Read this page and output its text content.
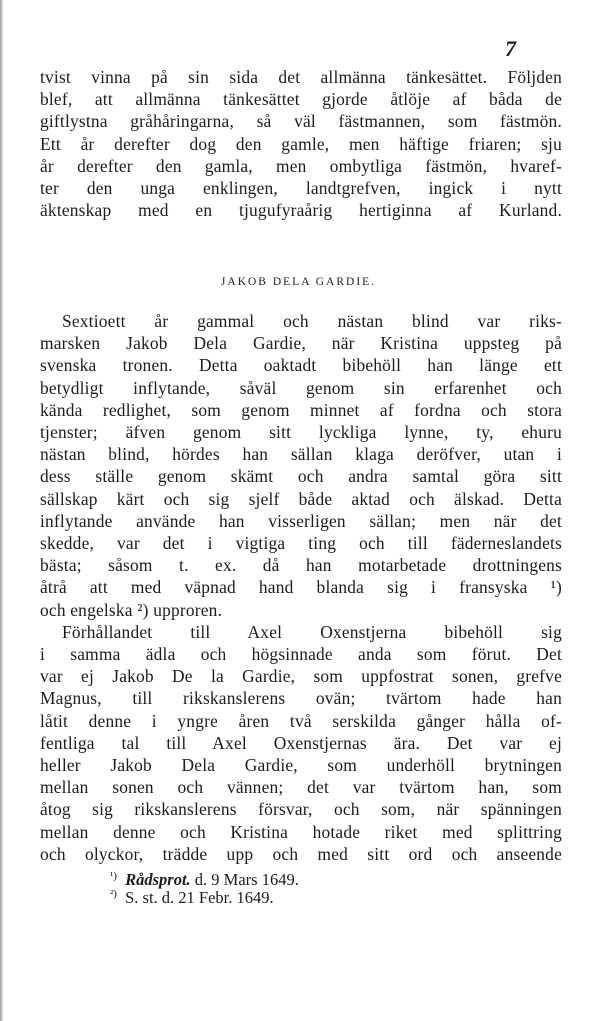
7
tvist vinna på sin sida det allmänna tänkesättet. Följden
blef, att allmänna tänkesättet gjorde åtlöje af båda de
giftlystna gråhåringarna, så väl fästmannen, som fästmön.
Ett år derefter dog den gamle, men häftige friaren; sju
år derefter den gamla, men ombytliga fästmön, hvaref-
ter den unga enklingen, landtgrefven, ingick i nytt
äktenskap med en tjugufyraårig hertiginna af Kurland.
JAKOB DELA GARDIE.
Sextioett år gammal och nästan blind var riks-
marsken Jakob Dela Gardie, när Kristina uppsteg på
svenska tronen. Detta oaktadt bibehöll han länge ett
betydligt inflytande, såväl genom sin erfarenhet och
kända redlighet, som genom minnet af fordna och stora
tjenster; äfven genom sitt lyckliga lynne, ty, ehuru
nästan blind, hördes han sällan klaga deröfver, utan i
dess ställe genom skämt och andra samtal göra sitt
sällskap kärt och sig sjelf både aktad och älskad. Detta
inflytande använde han visserligen sällan; men när det
skedde, var det i vigtiga ting och till fäderneslandets
bästa; såsom t. ex. då han motarbetade drottningens
åtrå att med väpnad hand blanda sig i fransyska ¹)
och engelska ²) upproren.
Förhållandet till Axel Oxenstjerna bibehöll sig
i samma ädla och högsinnade anda som förut. Det
var ej Jakob De la Gardie, som uppfostrat sonen, grefve
Magnus, till rikskanslerens ovän; tvärtom hade han
låtit denne i yngre åren två serskilda gånger hålla of-
fentliga tal till Axel Oxenstjernas ära. Det var ej
heller Jakob Dela Gardie, som underhöll brytningen
mellan sonen och vännen; det var tvärtom han, som
åtog sig rikskanslerens försvar, och som, när spänningen
mellan denne och Kristina hotade riket med splittring
och olyckor, trädde upp och med sitt ord och anseende
$^{^1)}$ Rådsprot. d. 9 Mars 1649.
$^{^2)}$ S. st. d. 21 Febr. 1649.
